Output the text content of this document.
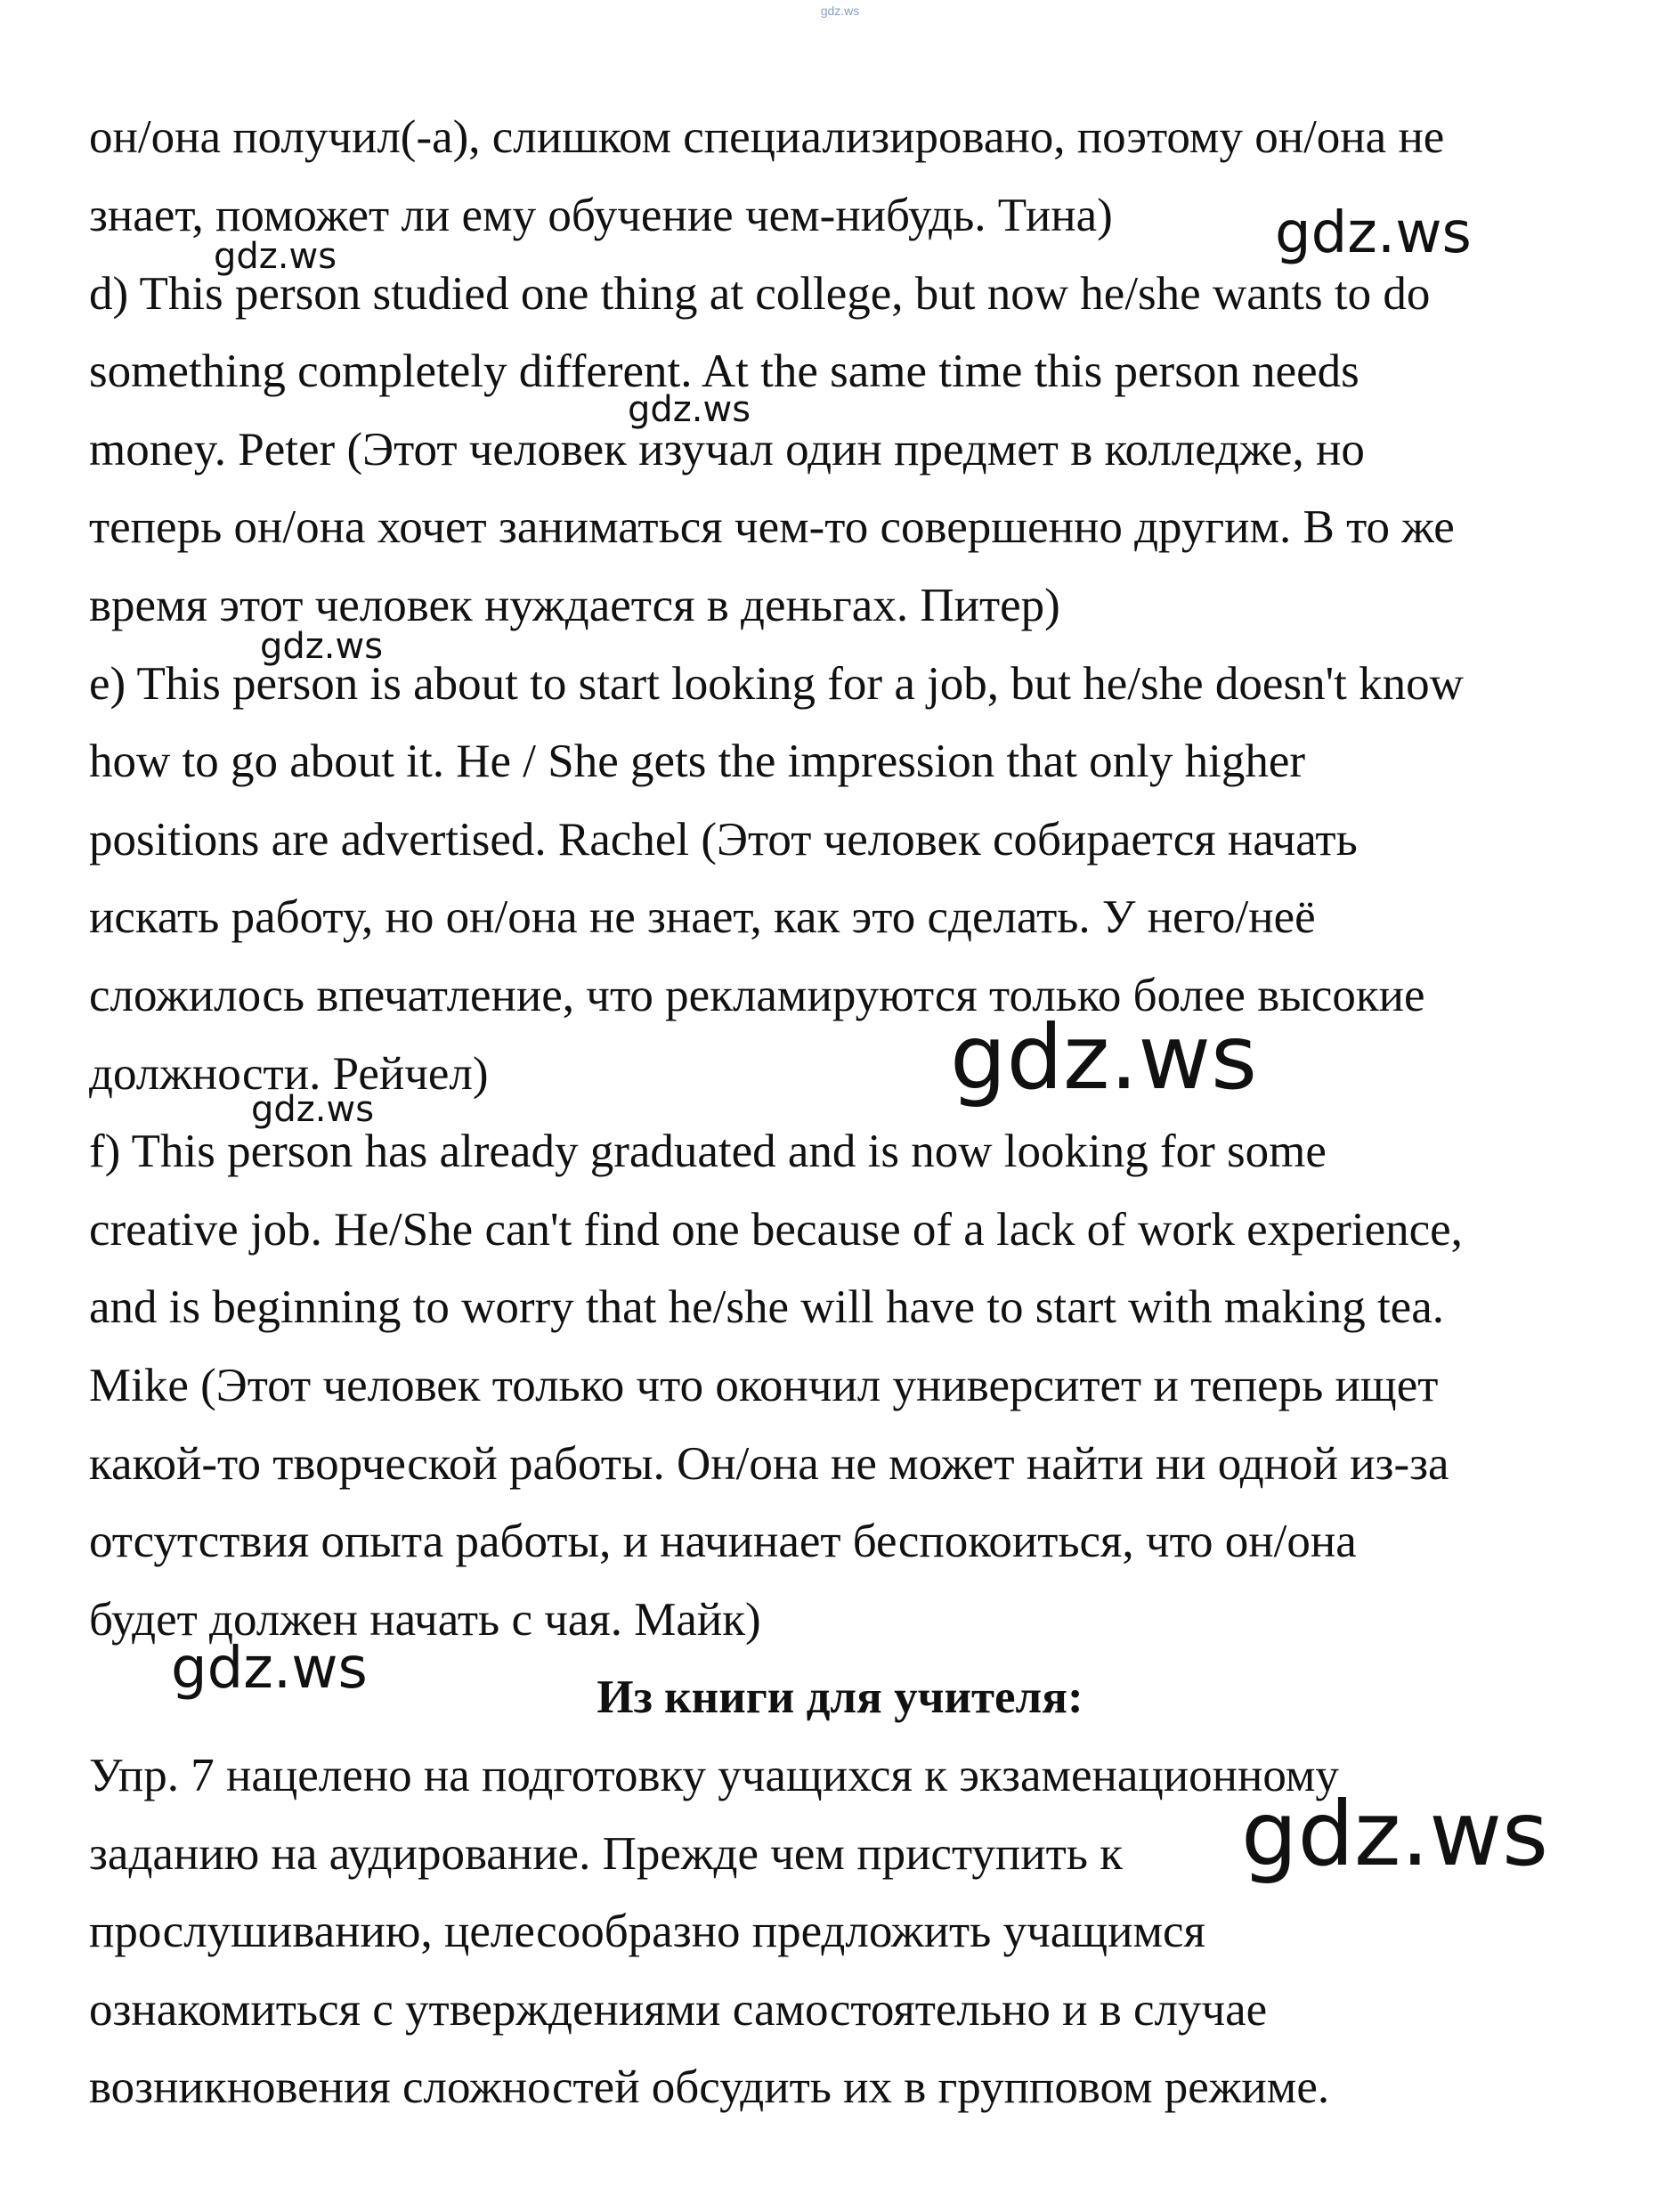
gdz.ws
он/она получил(-а), слишком специализировано, поэтому он/она не
знает, поможет ли ему обучение чем-нибудь. Тина)
d) This person studied one thing at college, but now he/she wants to do
something completely different. At the same time this person needs
money. Peter (Этот человек изучал один предмет в колледже, но
теперь он/она хочет заниматься чем-то совершенно другим. В то же
время этот человек нуждается в деньгах. Питер)
e) This person is about to start looking for a job, but he/she doesn't know
how to go about it. He / She gets the impression that only higher
positions are advertised. Rachel (Этот человек собирается начать
искать работу, но он/она не знает, как это сделать. У него/неё
сложилось впечатление, что рекламируются только более высокие
должности. Рейчел)
f) This person has already graduated and is now looking for some
creative job. He/She can't find one because of a lack of work experience,
and is beginning to worry that he/she will have to start with making tea.
Mike (Этот человек только что окончил университет и теперь ищет
какой-то творческой работы. Он/она не может найти ни одной из-за
отсутствия опыта работы, и начинает беспокоиться, что он/она
будет должен начать с чая. Майк)
Из книги для учителя:
Упр. 7 нацелено на подготовку учащихся к экзаменационному
заданию на аудирование. Прежде чем приступить к
прослушиванию, целесообразно предложить учащимся
ознакомиться с утверждениями самостоятельно и в случае
возникновения сложностей обсудить их в групповом режиме.
gdz.ws	gdz.ws
gdz.ws
gdz.ws
gdz.ws
gdz.ws
gdz.ws
gdz.ws
